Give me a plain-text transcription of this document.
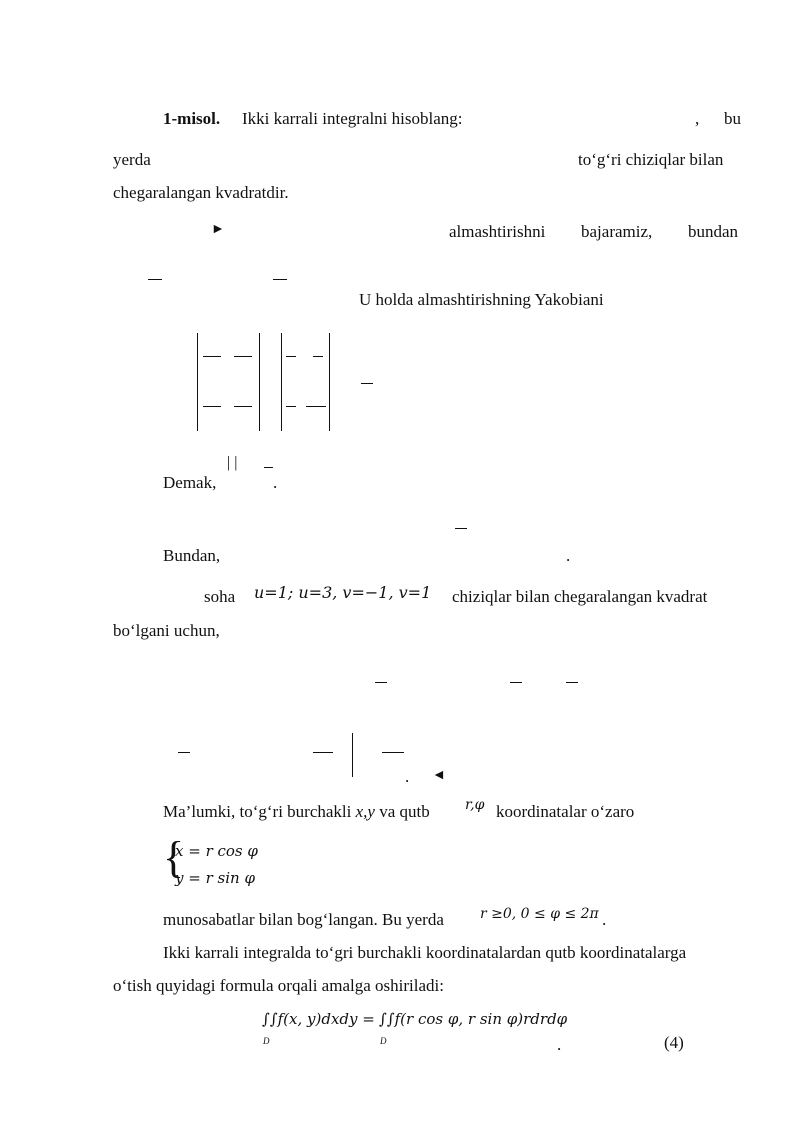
1-misol. Ikki karrali integralni hisoblang:	, bu
yerda	to‘g‘ri chiziqlar bilan
chegaralangan kvadratdir.
►	almashtirishni bajaramiz, bundan
U holda almashtirishning Yakobiani
Demak,
| |
.
Bundan,	.
soha u=1; u=3, v=−1, v=1 chiziqlar bilan chegaralangan kvadrat
bo‘lgani uchun,
. ◄
Ma’lumki, to‘g‘ri burchakli x,y va qutb	r,φ koordinatalar o‘zaro
{
x = r cos φ
y = r sin φ
munosabatlar bilan bog‘langan. Bu yerda	r ≥0, 0 ≤ φ ≤ 2π .
Ikki karrali integralda to‘gri burchakli koordinatalardan qutb koordinatalarga
o‘tish quyidagi formula orqali amalga oshiriladi:
∫∫f(x, y)dxdy =
D
∫∫f(r cos φ, r sin φ)rdrdφ
D	.	(4)
